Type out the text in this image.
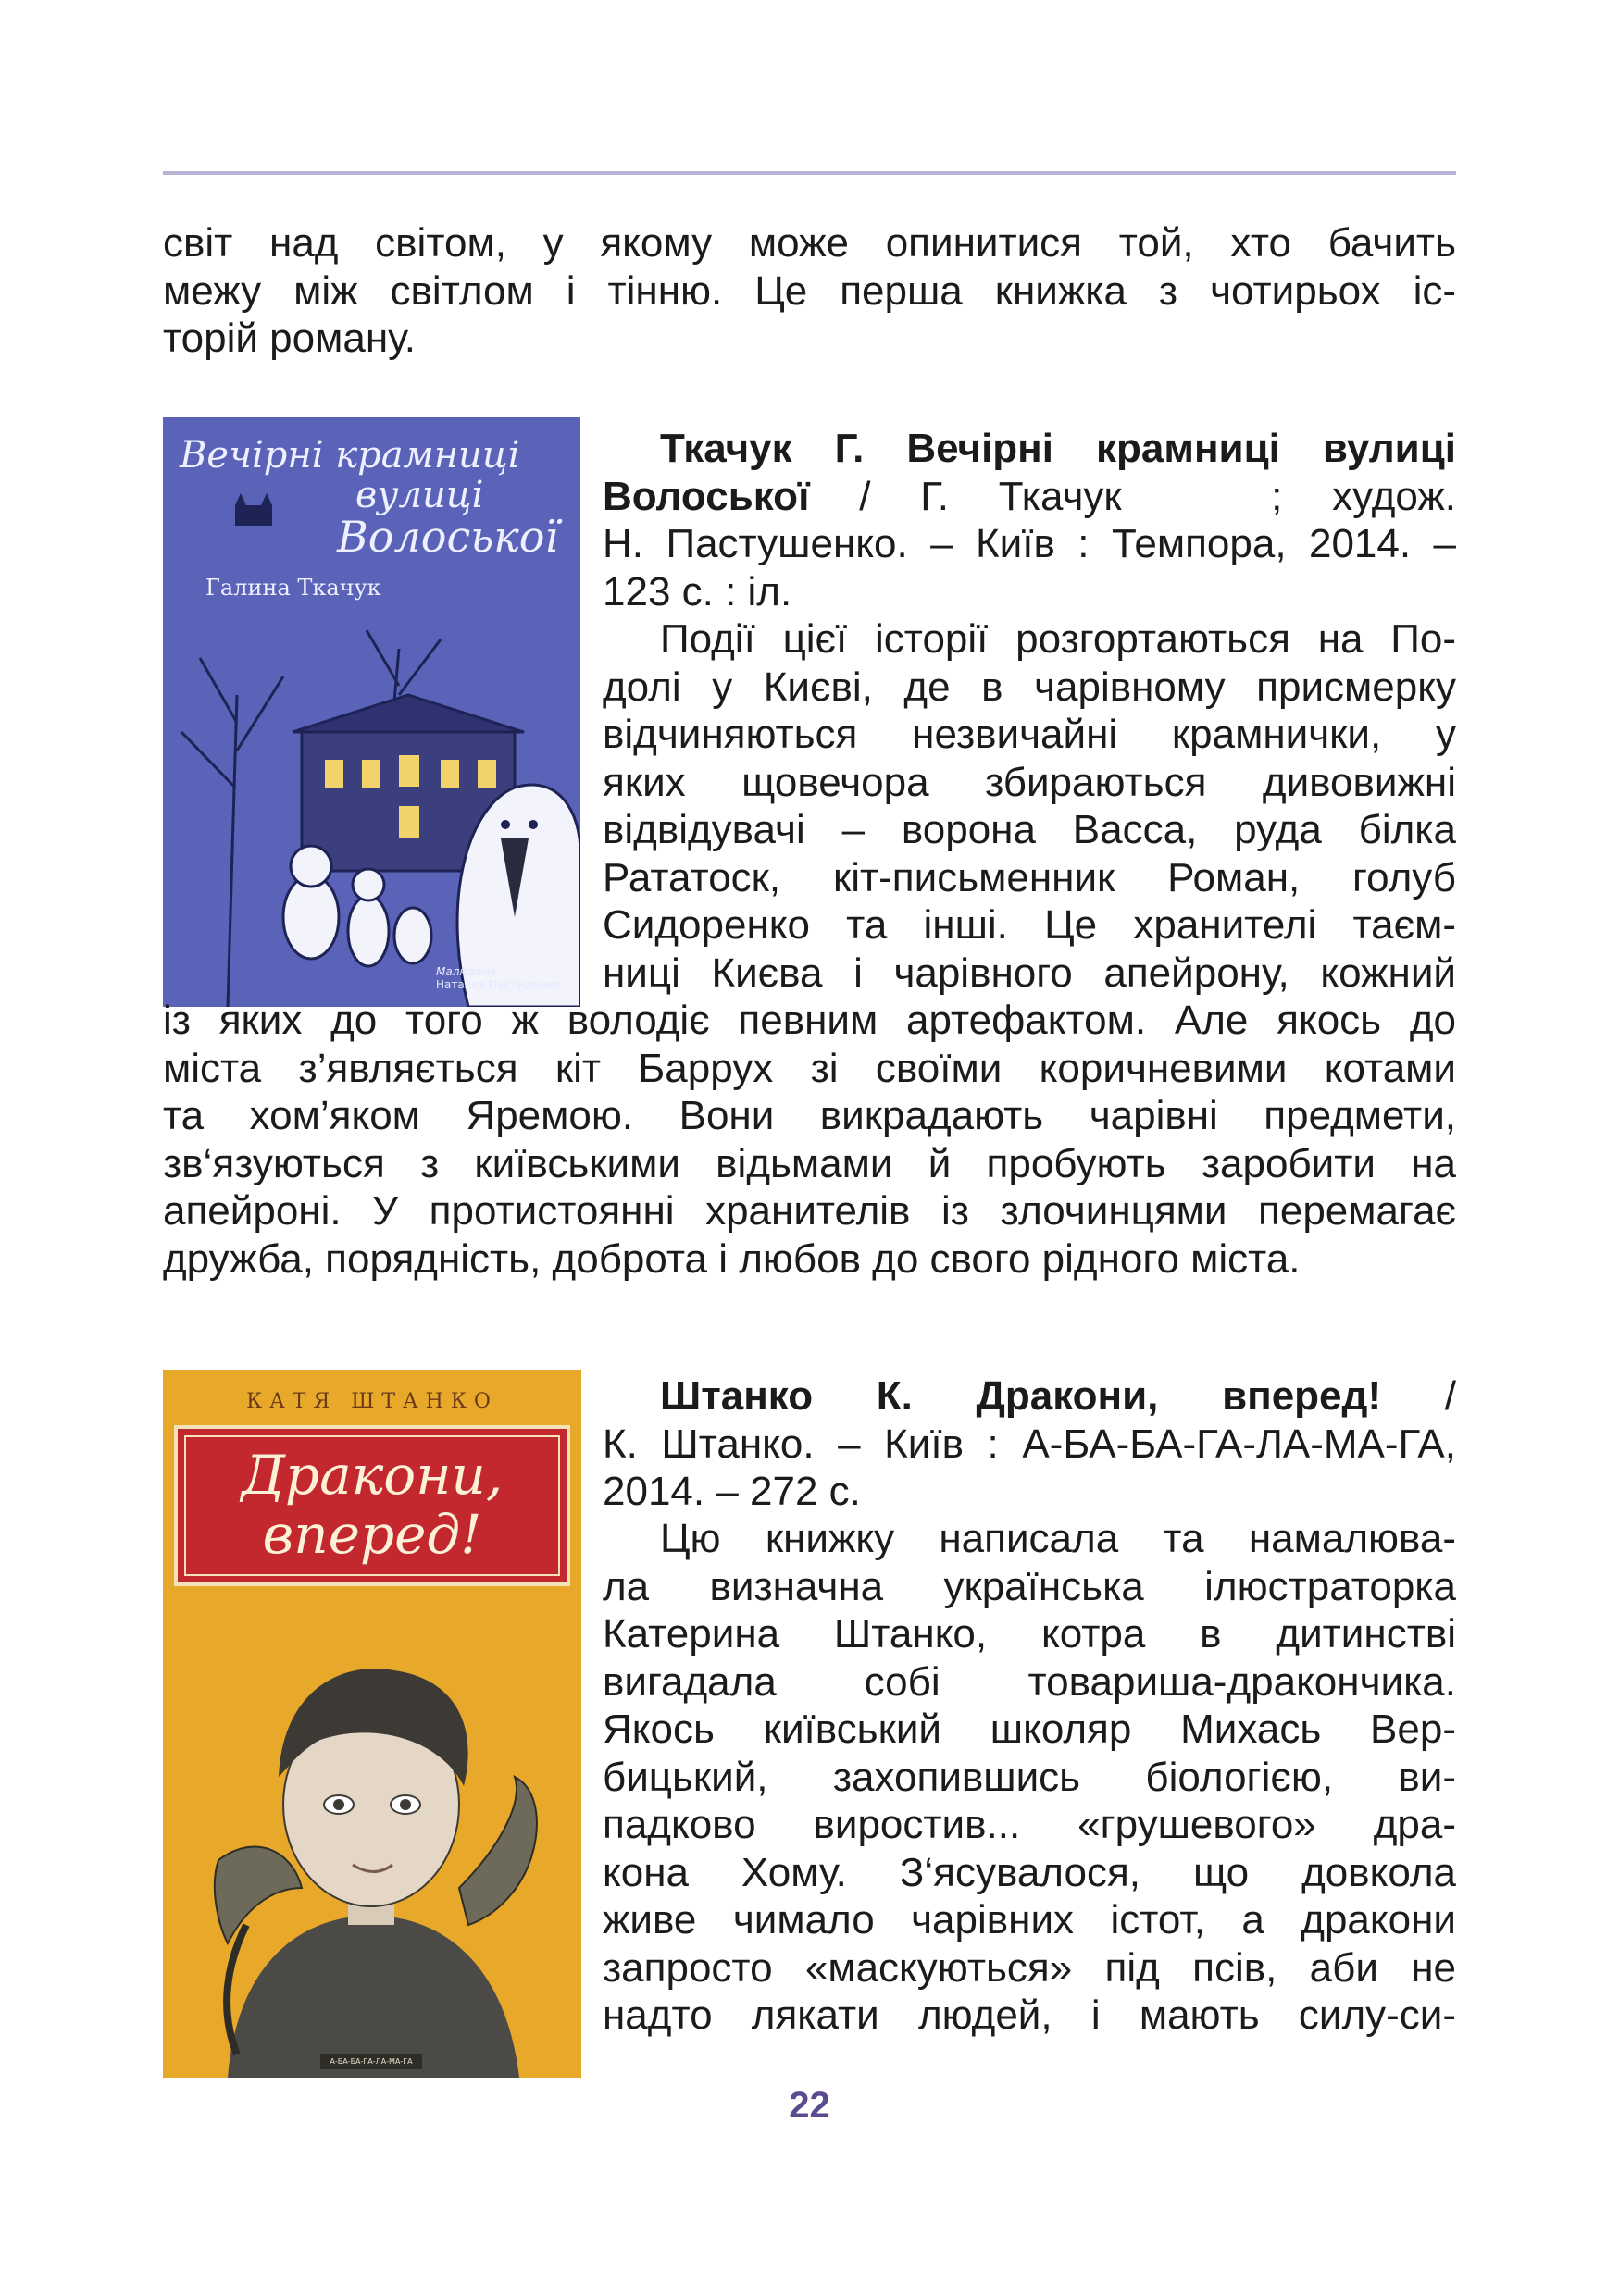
світ над світом, у якому може опинитися той, хто бачить
межу між світлом і тінню. Це перша книжка з чотирьох іс-
торій роману.

Вечірні крамниці
вулиці
Волоської
Галина Ткачук
Малювала
Наталка Пастушенко

Ткачук Г. Вечірні крамниці вулиці
Волоської / Г. Ткачук   ; худож.
Н. Пастушенко. – Київ : Темпора, 2014. –
123 с. : іл.

Події цієї історії розгортаються на По-
долі у Києві, де в чарівному присмерку
відчиняються незвичайні крамнички, у
яких щовечора збираються дивовижні
відвідувачі – ворона Васса, руда білка
Рататоск, кіт-письменник Роман, голуб
Сидоренко та інші. Це хранителі таєм-
ниці Києва і чарівного апейрону, кожний

із яких до того ж володіє певним артефактом. Але якось до
міста з’являється кіт Баррух зі своїми коричневими котами
та хом’яком Яремою. Вони викрадають чарівні предмети,
зв‘язуються з київськими відьмами й пробують заробити на
апейроні. У протистоянні хранителів із злочинцями перемагає
дружба, порядність, доброта і любов до свого рідного міста.

КАТЯ ШТАНКО
Дракони,
вперед!
А-БА-БА-ГА-ЛА-МА-ГА

Штанко К. Дракони, вперед! /
К. Штанко. – Київ : А-БА-БА-ГА-ЛА-МА-ГА,
2014. – 272 с.

Цю книжку написала та намалюва-
ла визначна українська ілюстраторка
Катерина Штанко, котра в дитинстві
вигадала собі товариша-дракончика.
Якось київський школяр Михась Вер-
бицький, захопившись біологією, ви-
падково виростив... «грушевого» дра-
кона Хому. З‘ясувалося, що довкола
живе чимало чарівних істот, а дракони
запросто «маскуються» під псів, аби не
надто лякати людей, і мають силу-си-

22
